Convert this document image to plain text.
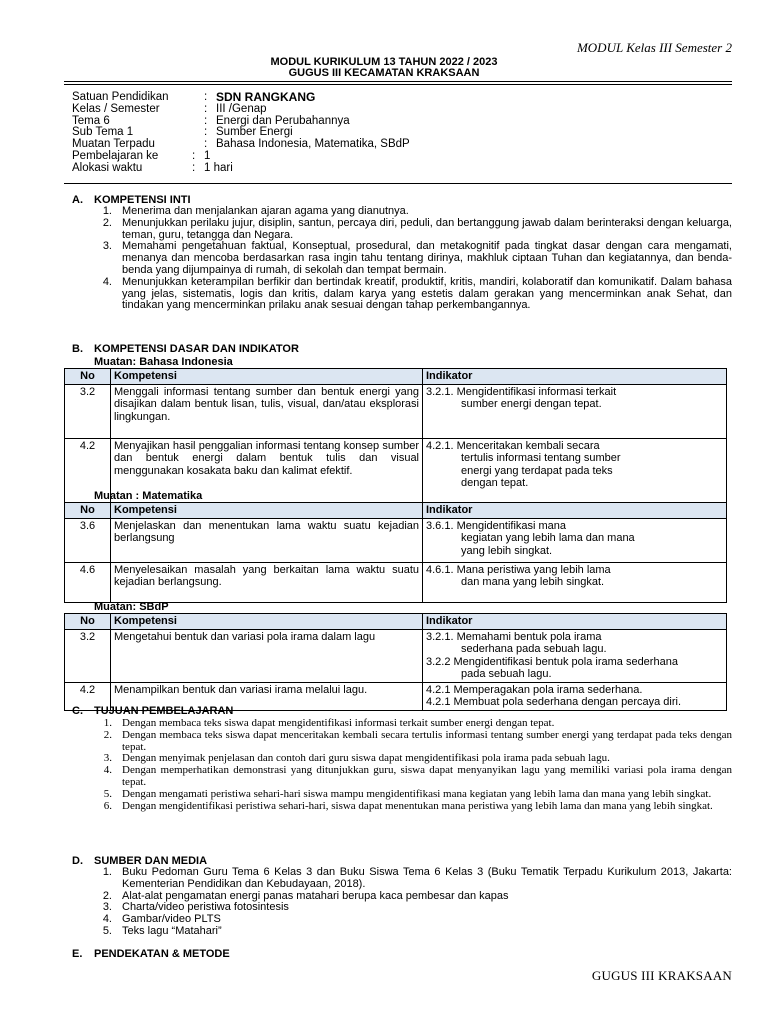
MODUL Kelas III Semester 2
MODUL KURIKULUM 13 TAHUN 2022 / 2023
GUGUS III KECAMATAN KRAKSAAN
Satuan Pendidikan	: SDN RANGKANG
Kelas / Semester	: III /Genap
Tema 6	: Energi dan Perubahannya
Sub Tema 1	: Sumber Energi
Muatan Terpadu	: Bahasa Indonesia, Matematika, SBdP
Pembelajaran ke	: 1
Alokasi waktu	: 1 hari
A. KOMPETENSI INTI
1. Menerima dan menjalankan ajaran agama yang dianutnya.
2. Menunjukkan perilaku jujur, disiplin, santun, percaya diri, peduli, dan bertanggung jawab dalam berinteraksi dengan keluarga, teman, guru, tetangga dan Negara.
3. Memahami pengetahuan faktual, Konseptual, prosedural, dan metakognitif pada tingkat dasar dengan cara mengamati, menanya dan mencoba berdasarkan rasa ingin tahu tentang dirinya, makhluk ciptaan Tuhan dan kegiatannya, dan benda-benda yang dijumpainya di rumah, di sekolah dan tempat bermain.
4. Menunjukkan keterampilan berfikir dan bertindak kreatif, produktif, kritis, mandiri, kolaboratif dan komunikatif. Dalam bahasa yang jelas, sistematis, logis dan kritis, dalam karya yang estetis dalam gerakan yang mencerminkan anak Sehat, dan tindakan yang mencerminkan prilaku anak sesuai dengan tahap perkembangannya.
B. KOMPETENSI DASAR DAN INDIKATOR
Muatan: Bahasa Indonesia
No	Kompetensi	Indikator
3.2	Menggali informasi tentang sumber dan bentuk energi yang disajikan dalam bentuk lisan, tulis, visual, dan/atau eksplorasi lingkungan.	3.2.1. Mengidentifikasi informasi terkait
sumber energi dengan tepat.

4.2	Menyajikan hasil penggalian informasi tentang konsep sumber dan bentuk energi dalam bentuk tulis dan visual menggunakan kosakata baku dan kalimat efektif.	4.2.1. Menceritakan kembali secara
tertulis informasi tentang sumber
energi yang terdapat pada teks
dengan tepat.
Muatan : Matematika
No	Kompetensi	Indikator
3.6	Menjelaskan dan menentukan lama waktu suatu kejadian berlangsung	3.6.1. Mengidentifikasi mana
kegiatan yang lebih lama dan mana
yang lebih singkat.

4.6	Menyelesaikan masalah yang berkaitan lama waktu suatu kejadian berlangsung.	4.6.1. Mana peristiwa yang lebih lama
dan mana yang lebih singkat.
Muatan: SBdP
No	Kompetensi	Indikator
3.2	Mengetahui bentuk dan variasi pola irama dalam lagu	3.2.1. Memahami bentuk pola irama
sederhana pada sebuah lagu.
3.2.2 Mengidentifikasi bentuk pola irama sederhana
pada sebuah lagu.

4.2	Menampilkan bentuk dan variasi irama melalui lagu.	4.2.1 Memperagakan pola irama sederhana.
4.2.1 Membuat pola sederhana dengan percaya diri.
C. TUJUAN PEMBELAJARAN
1. Dengan membaca teks siswa dapat mengidentifikasi informasi terkait sumber energi dengan tepat.
2. Dengan membaca teks siswa dapat menceritakan kembali secara tertulis informasi tentang sumber energi yang terdapat pada teks dengan tepat.
3. Dengan menyimak penjelasan dan contoh dari guru siswa dapat mengidentifikasi pola irama pada sebuah lagu.
4. Dengan memperhatikan demonstrasi yang ditunjukkan guru, siswa dapat menyanyikan lagu yang memiliki variasi pola irama dengan tepat.
5. Dengan mengamati peristiwa sehari-hari siswa mampu mengidentifikasi mana kegiatan yang lebih lama dan mana yang lebih singkat.
6. Dengan mengidentifikasi peristiwa sehari-hari, siswa dapat menentukan mana peristiwa yang lebih lama dan mana yang lebih singkat.
D. SUMBER DAN MEDIA
1. Buku Pedoman Guru Tema 6 Kelas 3 dan Buku Siswa Tema 6 Kelas 3 (Buku Tematik Terpadu Kurikulum 2013, Jakarta: Kementerian Pendidikan dan Kebudayaan, 2018).
2. Alat-alat pengamatan energi panas matahari berupa kaca pembesar dan kapas
3. Charta/video peristiwa fotosintesis
4. Gambar/video PLTS
5. Teks lagu “Matahari”
E. PENDEKATAN & METODE
GUGUS III KRAKSAAN
